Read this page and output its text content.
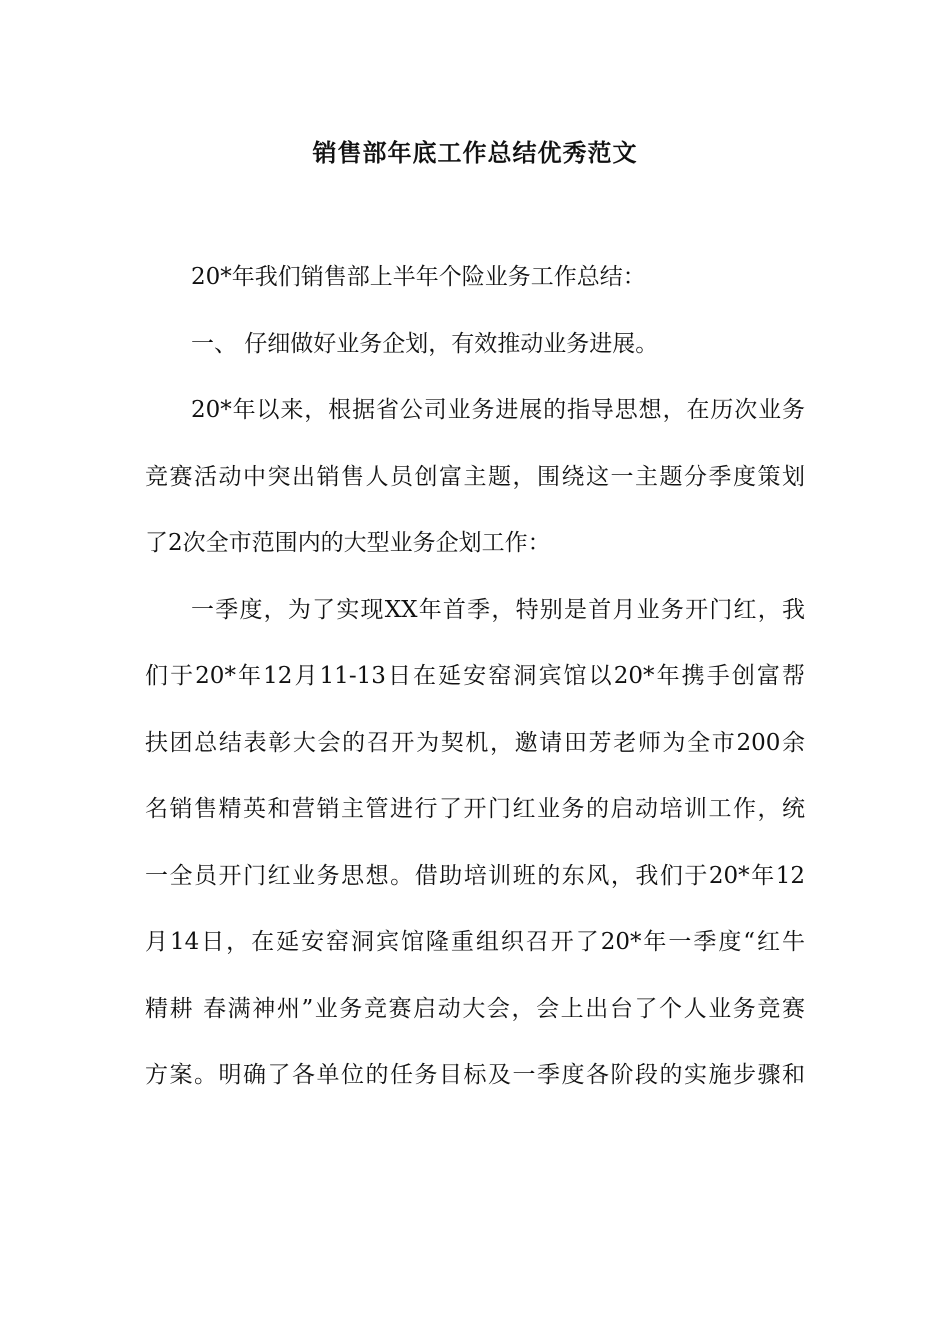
销售部年底工作总结优秀范文
20*年我们销售部上半年个险业务工作总结：
一、 仔细做好业务企划，有效推动业务进展。
20*年以来，根据省公司业务进展的指导思想，在历次业务
竞赛活动中突出销售人员创富主题，围绕这一主题分季度策划
了2次全市范围内的大型业务企划工作：
一季度，为了实现XX年首季，特别是首月业务开门红，我
们于20*年12月11-13日在延安窑洞宾馆以20*年携手创富帮
扶团总结表彰大会的召开为契机，邀请田芳老师为全市200余
名销售精英和营销主管进行了开门红业务的启动培训工作，统
一全员开门红业务思想。借助培训班的东风，我们于20*年12
月14日，在延安窑洞宾馆隆重组织召开了20*年一季度“红牛
精耕 春满神州”业务竞赛启动大会，会上出台了个人业务竞赛
方案。明确了各单位的任务目标及一季度各阶段的实施步骤和
